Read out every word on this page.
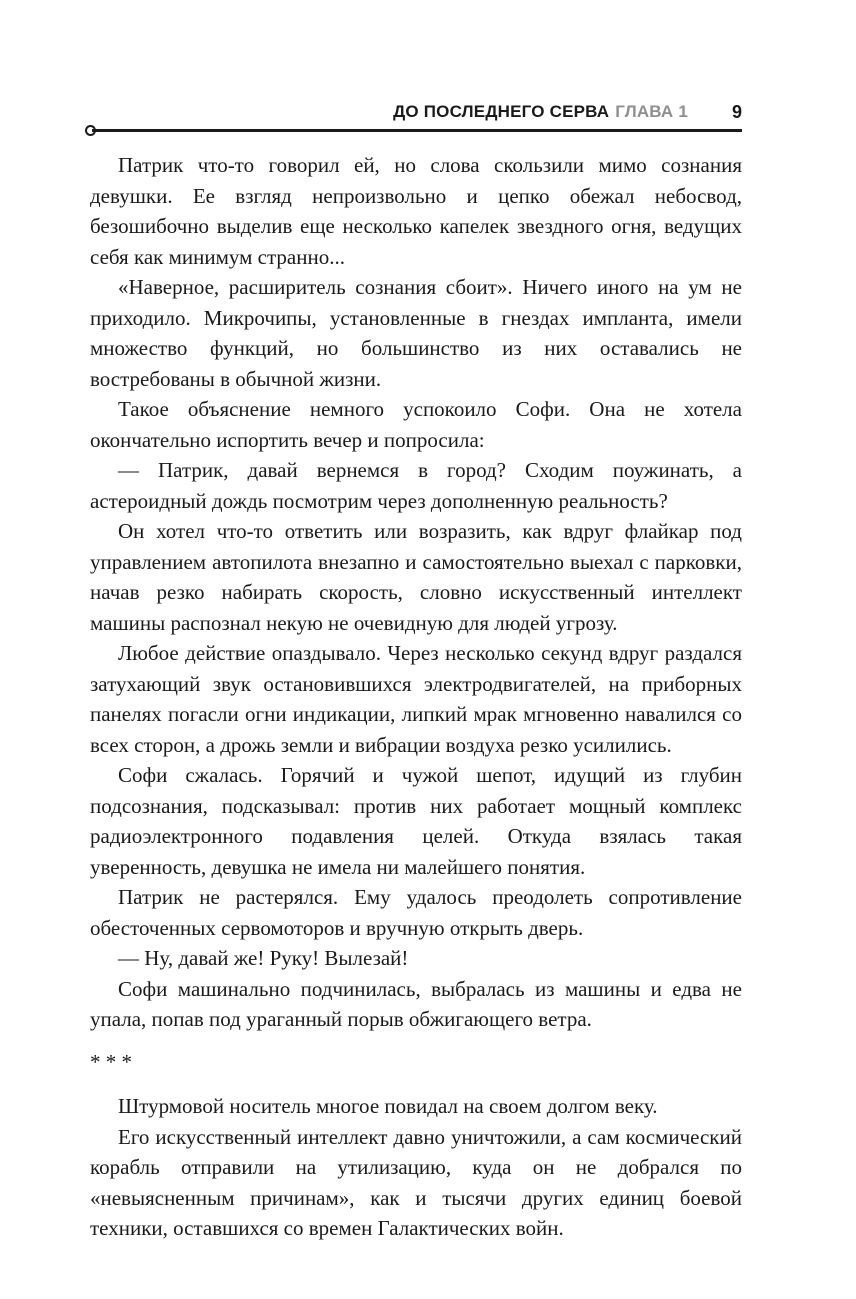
ДО ПОСЛЕДНЕГО СЕРВА ГЛАВА 1 9

Патрик что-то говорил ей, но слова скользили мимо сознания девушки. Ее взгляд непроизвольно и цепко обежал небосвод, безошибочно выделив еще несколько капелек звездного огня, ведущих себя как минимум странно...

«Наверное, расширитель сознания сбоит». Ничего иного на ум не приходило. Микрочипы, установленные в гнездах импланта, имели множество функций, но большинство из них оставались не востребованы в обычной жизни.

Такое объяснение немного успокоило Софи. Она не хотела окончательно испортить вечер и попросила:

— Патрик, давай вернемся в город? Сходим поужинать, а астероидный дождь посмотрим через дополненную реальность?

Он хотел что-то ответить или возразить, как вдруг флайкар под управлением автопилота внезапно и самостоятельно выехал с парковки, начав резко набирать скорость, словно искусственный интеллект машины распознал некую не очевидную для людей угрозу.

Любое действие опаздывало. Через несколько секунд вдруг раздался затухающий звук остановившихся электродвигателей, на приборных панелях погасли огни индикации, липкий мрак мгновенно навалился со всех сторон, а дрожь земли и вибрации воздуха резко усилились.

Софи сжалась. Горячий и чужой шепот, идущий из глубин подсознания, подсказывал: против них работает мощный комплекс радиоэлектронного подавления целей. Откуда взялась такая уверенность, девушка не имела ни малейшего понятия.

Патрик не растерялся. Ему удалось преодолеть сопротивление обесточенных сервомоторов и вручную открыть дверь.

— Ну, давай же! Руку! Вылезай!

Софи машинально подчинилась, выбралась из машины и едва не упала, попав под ураганный порыв обжигающего ветра.

* * *

Штурмовой носитель многое повидал на своем долгом веку.

Его искусственный интеллект давно уничтожили, а сам космический корабль отправили на утилизацию, куда он не добрался по «невыясненным причинам», как и тысячи других единиц боевой техники, оставшихся со времен Галактических войн.
